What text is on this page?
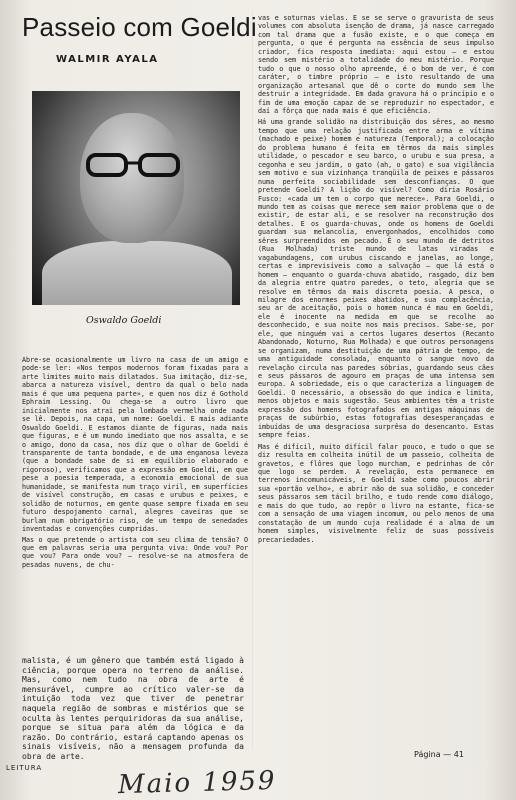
Passeio com Goeldi
WALMIR AYALA
Oswaldo Goeldi

Abre-se ocasionalmente um livro na casa de um amigo e pode-se ler: «Nos tempos modernos foram fixadas para a arte limites muito mais dilatados. Sua imitação, diz-se, abarca a natureza visível, dentro da qual o belo nada mais é que uma pequena parte», e quem nos diz é Gothold Ephraim Lessing. Ou chega-se a outro livro que inicialmente nos atrai pela lombada vermelha onde nada se lê. Depois, na capa, um nome: Goeldi. E mais adiante Oswaldo Goeldi. E estamos diante de figuras, nada mais que figuras, e é um mundo imediato que nos assalta, e se o amigo, dono da casa, nos diz que o olhar de Goeldi é transparente de tanta bondade, e de uma enganosa leveza (que a bondade sabe de si em equilíbrio elaborado e rigoroso), verificamos que a expressão em Goeldi, em que pese a poesia temperada, a economia emocional de sua humanidade, se manifesta num traço viril, em superfícies de visível construção, em casas e urubus e peixes, e solidão de noturnos, em gente quase sempre fixada em seu futuro despojamento carnal, alegres caveiras que se burlam num obrigatório riso, de um tempo de senedades inventadas e convenções cumpridas.

Mas o que pretende o artista com seu clima de tensão? O que em palavras seria uma pergunta viva: Onde vou? Por que vou? Para onde vou? — resolve-se na atmosfera de pesadas nuvens, de chu-

malista, é um gênero que também está ligado à ciência, porque opera no terreno da análise. Mas, como nem tudo na obra de arte é mensurável, cumpre ao crítico valer-se da intuição toda vez que tiver de penetrar naquela região de sombras e mistérios que se oculta às lentes perquiridoras da sua análise, porque se situa para além da lógica e da razão. Do contrário, estará captando apenas os sinais visíveis, não a mensagem profunda da obra de arte.

vas e soturnas vielas. E se se serve o gravurista de seus volumes com absoluta isenção de drama, já nasce carregado com tal drama que a fusão existe, e o que começa em pergunta, o que é pergunta na essência de seus impulso criador, fica resposta imediata: aqui estou — e estou sendo sem mistério a totalidade do meu mistério. Porque tudo o que o nosso olho apreende, é o bom de ver, é com caráter, o timbre próprio — e isto resultando de uma organização artesanal que dê o corte do mundo sem lhe destruir a integridade. Em dada gravura há o princípio e o fim de uma emoção capaz de se reproduzir no espectador, e daí a fôrça que nada mais é que eficiência.

Há uma grande solidão na distribuição dos sêres, ao mesmo tempo que uma relação justificada entre arma e vítima (machado e peixe) homem e natureza (Temporal); a colocação do problema humano é feita em têrmos da mais simples utilidade, o pescador e seu barco, o urubu e sua presa, a cegonha e seu jardim, o gato (ah, o gato) e sua vigilância sem motivo e sua vizinhança tranqüila de peixes e pássaros numa perfeita sociabilidade sem desconfianças. O que pretende Goeldi? A lição do visível? Como diria Rosário Fusco: «cada um tem o corpo que merece». Para Goeldi, o mundo tem as coisas que merece sem maior problema que o de existir, de estar ali, e se resolver na reconstrução dos detalhes. E os guarda-chuvas, onde os homens de Goeldi guardam sua melancolia, envergonhados, encolhidos como sêres surpreendidos em pecado. É o seu mundo de detritos (Rua Molhada) triste mundo de latas viradas e vagabundagens, com urubus ciscando e janelas, ao longe, certas e imprevisíveis como a salvação — que lá está o homem — enquanto o guarda-chuva abatido, rasgado, diz bem da alegria entre quatro paredes, o teto, alegria que se resolve em têrmos da mais discreta poesia. A pesca, o milagre dos enormes peixes abatidos, e sua complacência, seu ar de aceitação, pois o homem nunca é mau em Goeldi, ele é inocente na medida em que se recolhe ao desconhecido, e sua noite nos mais precisos. Sabe-se, por ele, que ninguém vai a certos lugares desertos (Recanto Abandonado, Noturno, Rua Molhada) e que outros personagens se organizam, numa destituição de uma pátria de tempo, de uma antiguidade consolada, enquanto o sangue novo da revelação circula nas paredes sóbrias, guardando seus cães e seus pássaros de agouro em praças de uma intensa sem europa. A sobriedade, eis o que caracteriza a linguagem de Goeldi. O necessário, a obsessão do que indica e limita, menos objetos e mais sugestão. Seus ambientes têm a triste expressão dos homens fotografados em antigas máquinas de praças de subúrbio, estas fotografias desesperançadas e imbuídas de uma desgraciosa surprêsa do desencanto. Estas sempre feias.

Mas é difícil, muito difícil falar pouco, e tudo o que se diz resulta em colheita inútil de um passeio, colheita de gravetos, e flôres que logo murcham, e pedrinhas de côr que logo se perdem. A revelação, esta permanece em terrenos incomunicáveis, e Goeldi sabe como poucos abrir sua «portão velho», e abrir não de sua solidão, e conceder seus pássaros sem tácil brilho, e tudo rende como diálogo, e mais do que tudo, ao repôr o livro na estante, fica-se com a sensação de uma viagem incomum, ou pelo menos de uma constatação de um mundo cuja realidade é a alma de um homem simples, visivelmente feliz de suas possíveis precariedades.

LEITURA
Página — 41
Maio 1959
